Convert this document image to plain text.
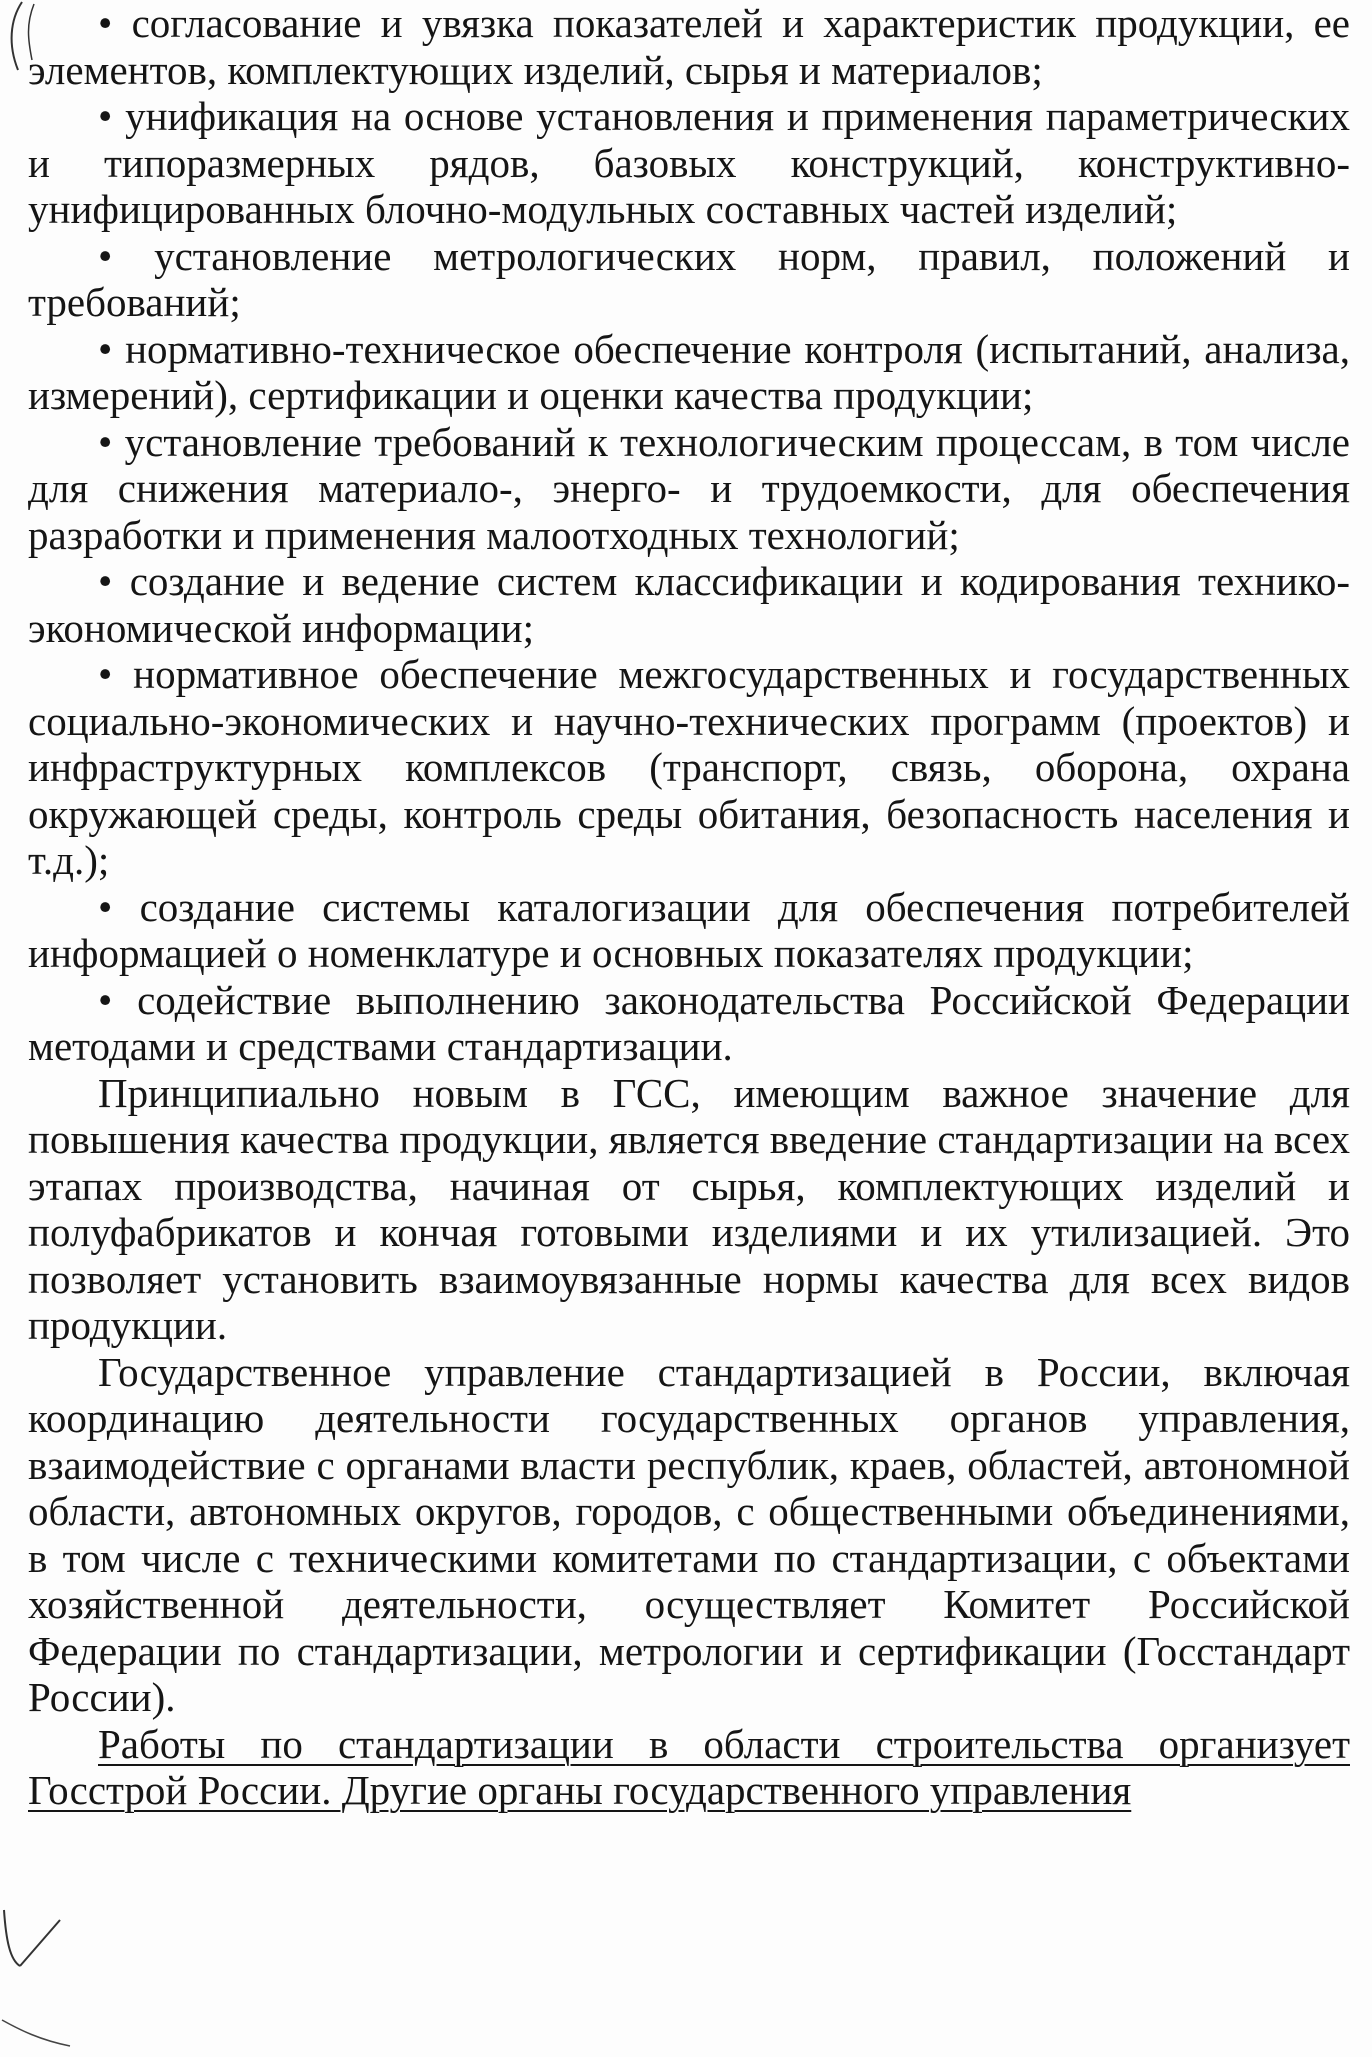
• согласование и увязка показателей и характеристик продукции, ее элементов, комплектующих изделий, сырья и материалов;

• унификация на основе установления и применения параметрических и типоразмерных рядов, базовых конструкций, конструктивно-унифицированных блочно-модульных составных частей изделий;

• установление метрологических норм, правил, положений и требований;

• нормативно-техническое обеспечение контроля (испытаний, анализа, измерений), сертификации и оценки качества продукции;

• установление требований к технологическим процессам, в том числе для снижения материало-, энерго- и трудоемкости, для обеспечения разработки и применения малоотходных технологий;

• создание и ведение систем классификации и кодирования технико-экономической информации;

• нормативное обеспечение межгосударственных и государственных социально-экономических и научно-технических программ (проектов) и инфраструктурных комплексов (транспорт, связь, оборона, охрана окружающей среды, контроль среды обитания, безопасность населения и т.д.);

• создание системы каталогизации для обеспечения потребителей информацией о номенклатуре и основных показателях продукции;

• содействие выполнению законодательства Российской Федерации методами и средствами стандартизации.

Принципиально новым в ГСС, имеющим важное значение для повышения качества продукции, является введение стандартизации на всех этапах производства, начиная от сырья, комплектующих изделий и полуфабрикатов и кончая готовыми изделиями и их утилизацией. Это позволяет установить взаимоувязанные нормы качества для всех видов продукции.

Государственное управление стандартизацией в России, включая координацию деятельности государственных органов управления, взаимодействие с органами власти республик, краев, областей, автономной области, автономных округов, городов, с общественными объединениями, в том числе с техническими комитетами по стандартизации, с объектами хозяйственной деятельности, осуществляет Комитет Российской Федерации по стандартизации, метрологии и сертификации (Госстандарт России).

Работы по стандартизации в области строительства организует Госстрой России. Другие органы государственного управления
